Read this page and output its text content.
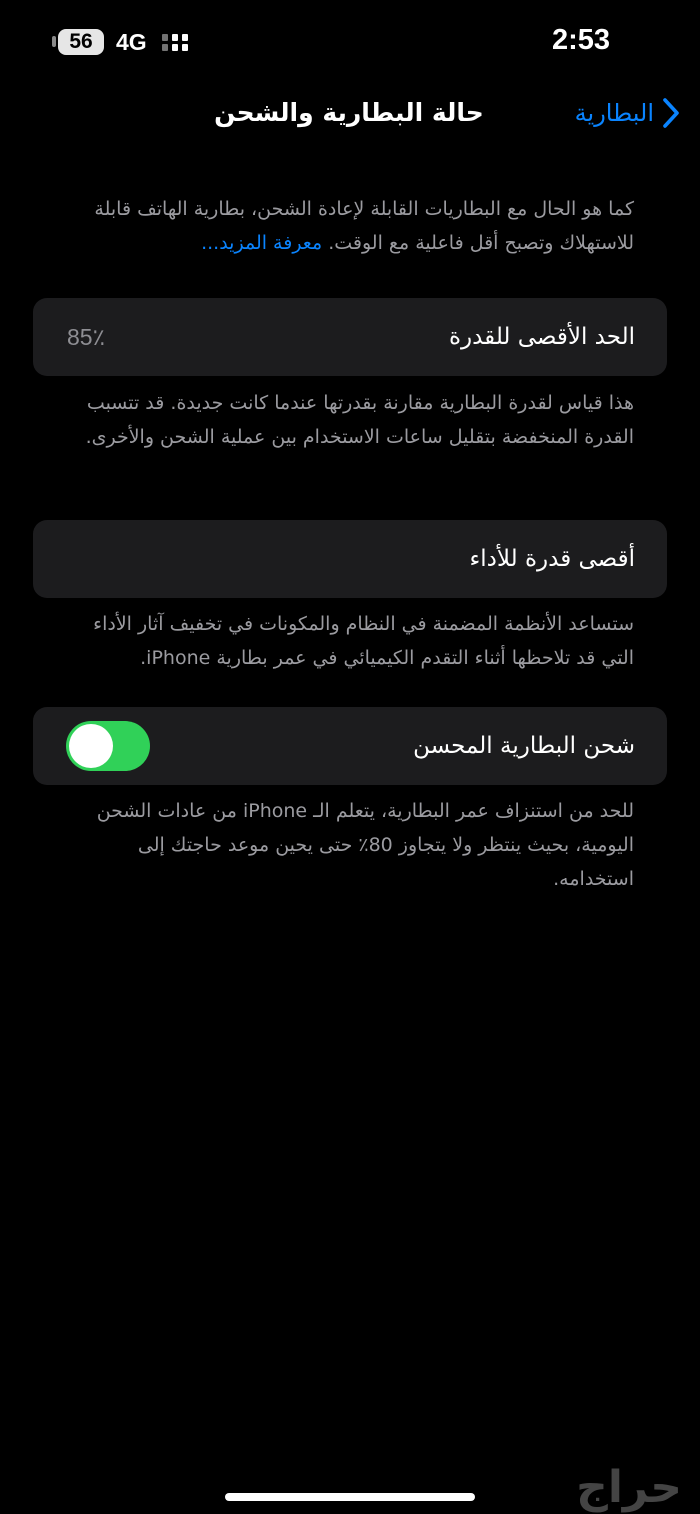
56	4G	2:53
حالة البطارية والشحن	البطارية
كما هو الحال مع البطاريات القابلة لإعادة الشحن، بطارية الهاتف قابلة للاستهلاك وتصبح أقل فاعلية مع الوقت. معرفة المزيد...
الحد الأقصى للقدرة
85٪
هذا قياس لقدرة البطارية مقارنة بقدرتها عندما كانت جديدة. قد تتسبب القدرة المنخفضة بتقليل ساعات الاستخدام بين عملية الشحن والأخرى.
أقصى قدرة للأداء
ستساعد الأنظمة المضمنة في النظام والمكونات في تخفيف آثار الأداء التي قد تلاحظها أثناء التقدم الكيميائي في عمر بطارية iPhone.
شحن البطارية المحسن
للحد من استنزاف عمر البطارية، يتعلم الـ iPhone من عادات الشحن اليومية، بحيث ينتظر ولا يتجاوز 80٪ حتى يحين موعد حاجتك إلى استخدامه.
حراج
